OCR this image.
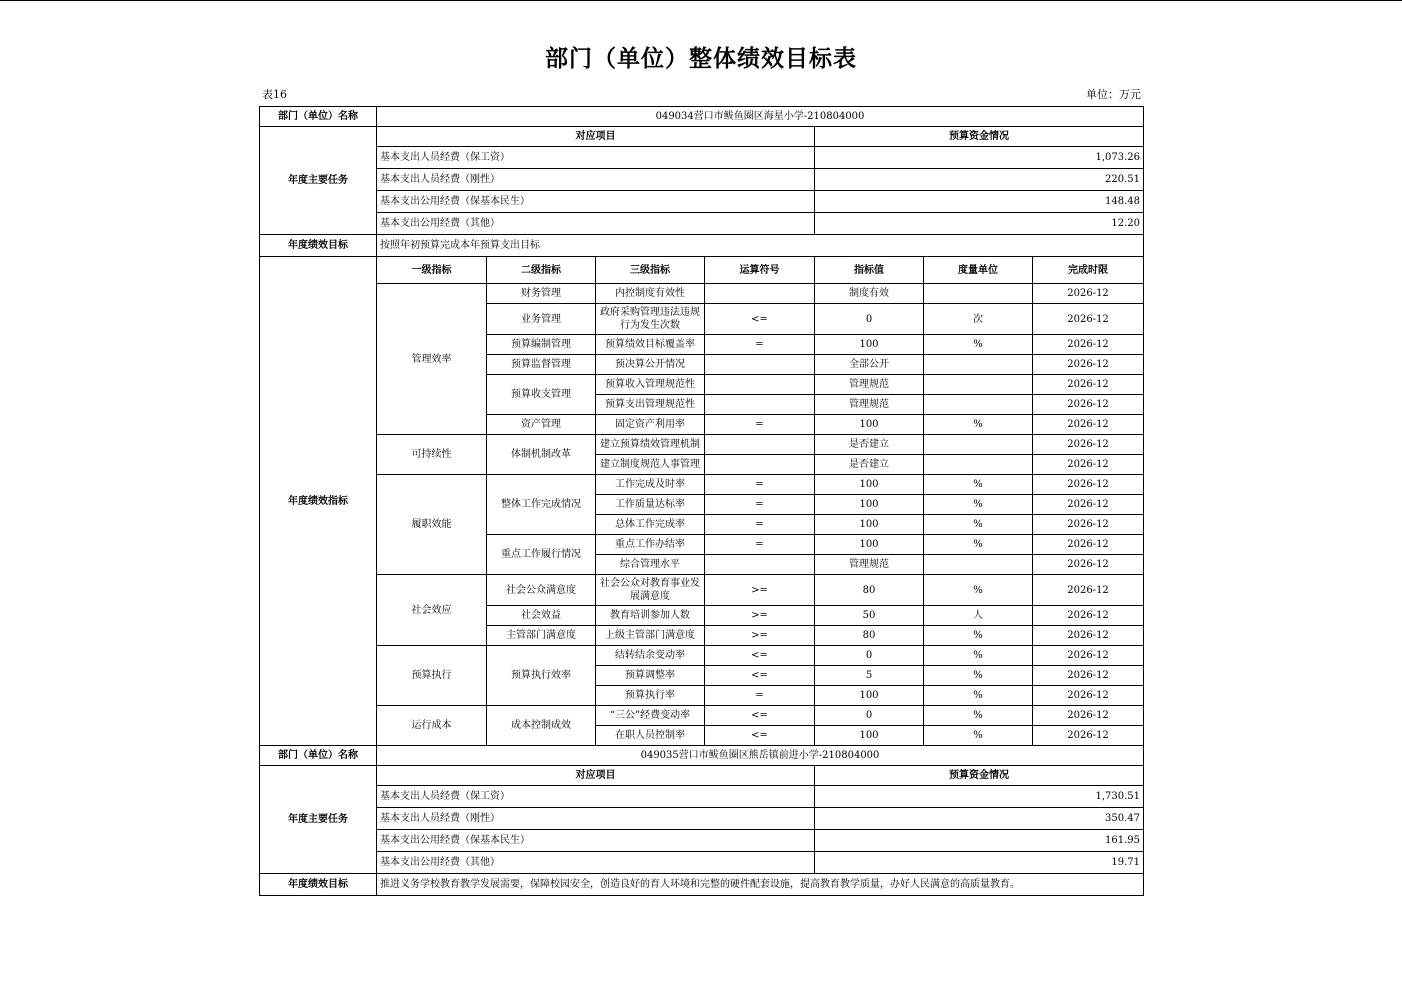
部门（单位）整体绩效目标表
表16	单位：万元
部门（单位）名称	049034营口市鲅鱼圈区海星小学-210804000						
年度主要任务	对应项目				预算资金情况		
	基本支出人员经费（保工资）				1,073.26		
	基本支出人员经费（刚性）				220.51		
	基本支出公用经费（保基本民生）				148.48		
	基本支出公用经费（其他）				12.20		
年度绩效目标	按照年初预算完成本年预算支出目标						
年度绩效指标	一级指标	二级指标	三级指标	运算符号	指标值	度量单位	完成时限
	管理效率	财务管理	内控制度有效性		制度有效		2026-12
		业务管理	政府采购管理违法违规行为发生次数	<=	0	次	2026-12
		预算编制管理	预算绩效目标覆盖率	=	100	%	2026-12
		预算监督管理	预决算公开情况		全部公开		2026-12
		预算收支管理	预算收入管理规范性		管理规范		2026-12
			预算支出管理规范性		管理规范		2026-12
		资产管理	固定资产利用率	=	100	%	2026-12
	可持续性	体制机制改革	建立预算绩效管理机制		是否建立		2026-12
			建立制度规范人事管理		是否建立		2026-12
	履职效能	整体工作完成情况	工作完成及时率	=	100	%	2026-12
			工作质量达标率	=	100	%	2026-12
			总体工作完成率	=	100	%	2026-12
		重点工作履行情况	重点工作办结率	=	100	%	2026-12
			综合管理水平		管理规范		2026-12
	社会效应	社会公众满意度	社会公众对教育事业发展满意度	>=	80	%	2026-12
		社会效益	教育培训参加人数	>=	50	人	2026-12
		主管部门满意度	上级主管部门满意度	>=	80	%	2026-12
	预算执行	预算执行效率	结转结余变动率	<=	0	%	2026-12
			预算调整率	<=	5	%	2026-12
			预算执行率	=	100	%	2026-12
	运行成本	成本控制成效	“三公”经费变动率	<=	0	%	2026-12
			在职人员控制率	<=	100	%	2026-12
部门（单位）名称	049035营口市鲅鱼圈区熊岳镇前进小学-210804000						
年度主要任务	对应项目				预算资金情况		
	基本支出人员经费（保工资）				1,730.51		
	基本支出人员经费（刚性）				350.47		
	基本支出公用经费（保基本民生）				161.95		
	基本支出公用经费（其他）				19.71		
年度绩效目标	推进义务学校教育教学发展需要，保障校园安全，创造良好的育人环境和完整的硬件配套设施，提高教育教学质量，办好人民满意的高质量教育。						
